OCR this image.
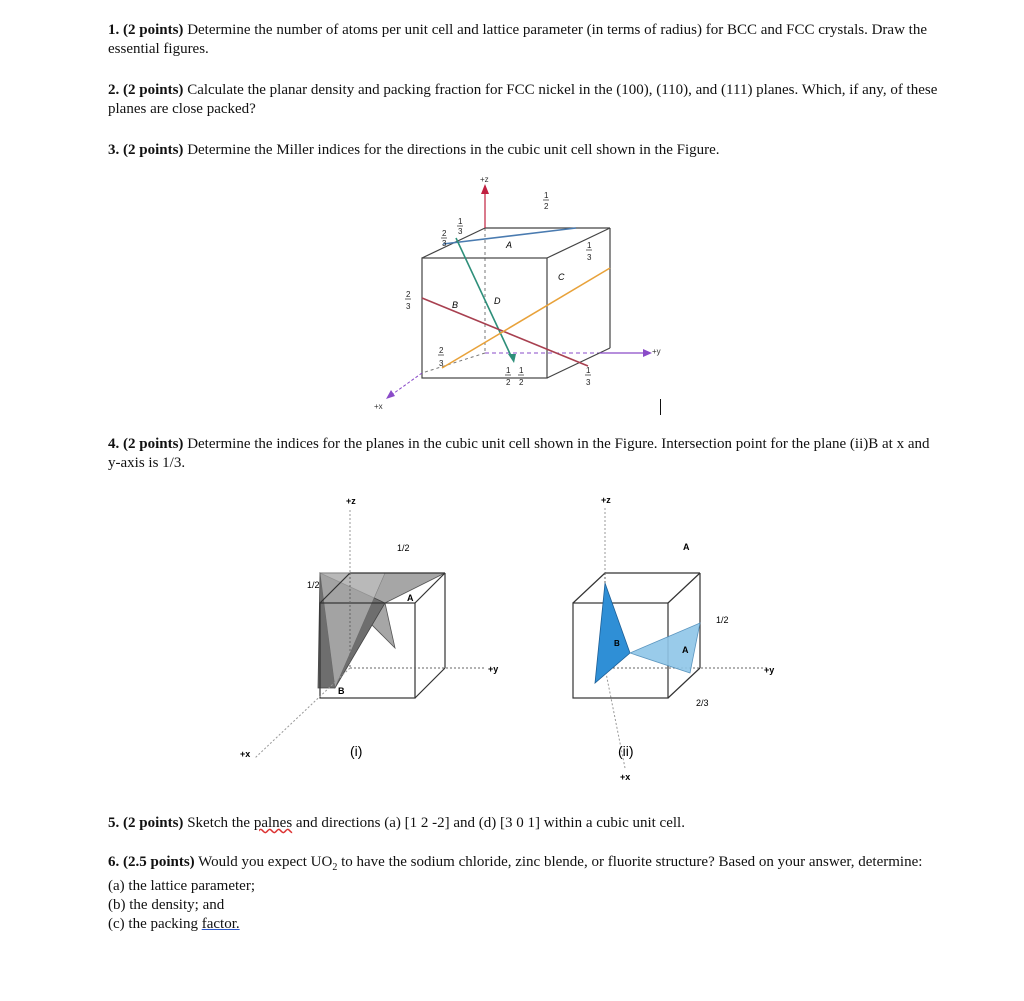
1. (2 points) Determine the number of atoms per unit cell and lattice parameter (in terms of radius) for BCC and FCC crystals. Draw the essential figures.
2. (2 points) Calculate the planar density and packing fraction for FCC nickel in the (100), (110), and (111) planes. Which, if any, of these planes are close packed?
3. (2 points) Determine the Miller indices for the directions in the cubic unit cell shown in the Figure.
+z
+y
+x
A
B
C
D
2
3
1
3
1
2
1
3
2
3
2
3
1
2
1
2
1
3
4. (2 points) Determine the indices for the planes in the cubic unit cell shown in the Figure. Intersection point for the plane (ii)B at x and y-axis is 1/3.
+z
+y
+x
1/2
1/2
A
B
(i)
+z
+y
+x
A
A
B
1/2
2/3
(ii)
5. (2 points) Sketch the palnes and directions (a) [1 2 -2] and (d) [3 0 1] within a cubic unit cell.
6. (2.5 points) Would you expect $UO_2$ to have the sodium chloride, zinc blende, or fluorite structure? Based on your answer, determine:
(a) the lattice parameter;
(b) the density; and
(c) the packing factor.
